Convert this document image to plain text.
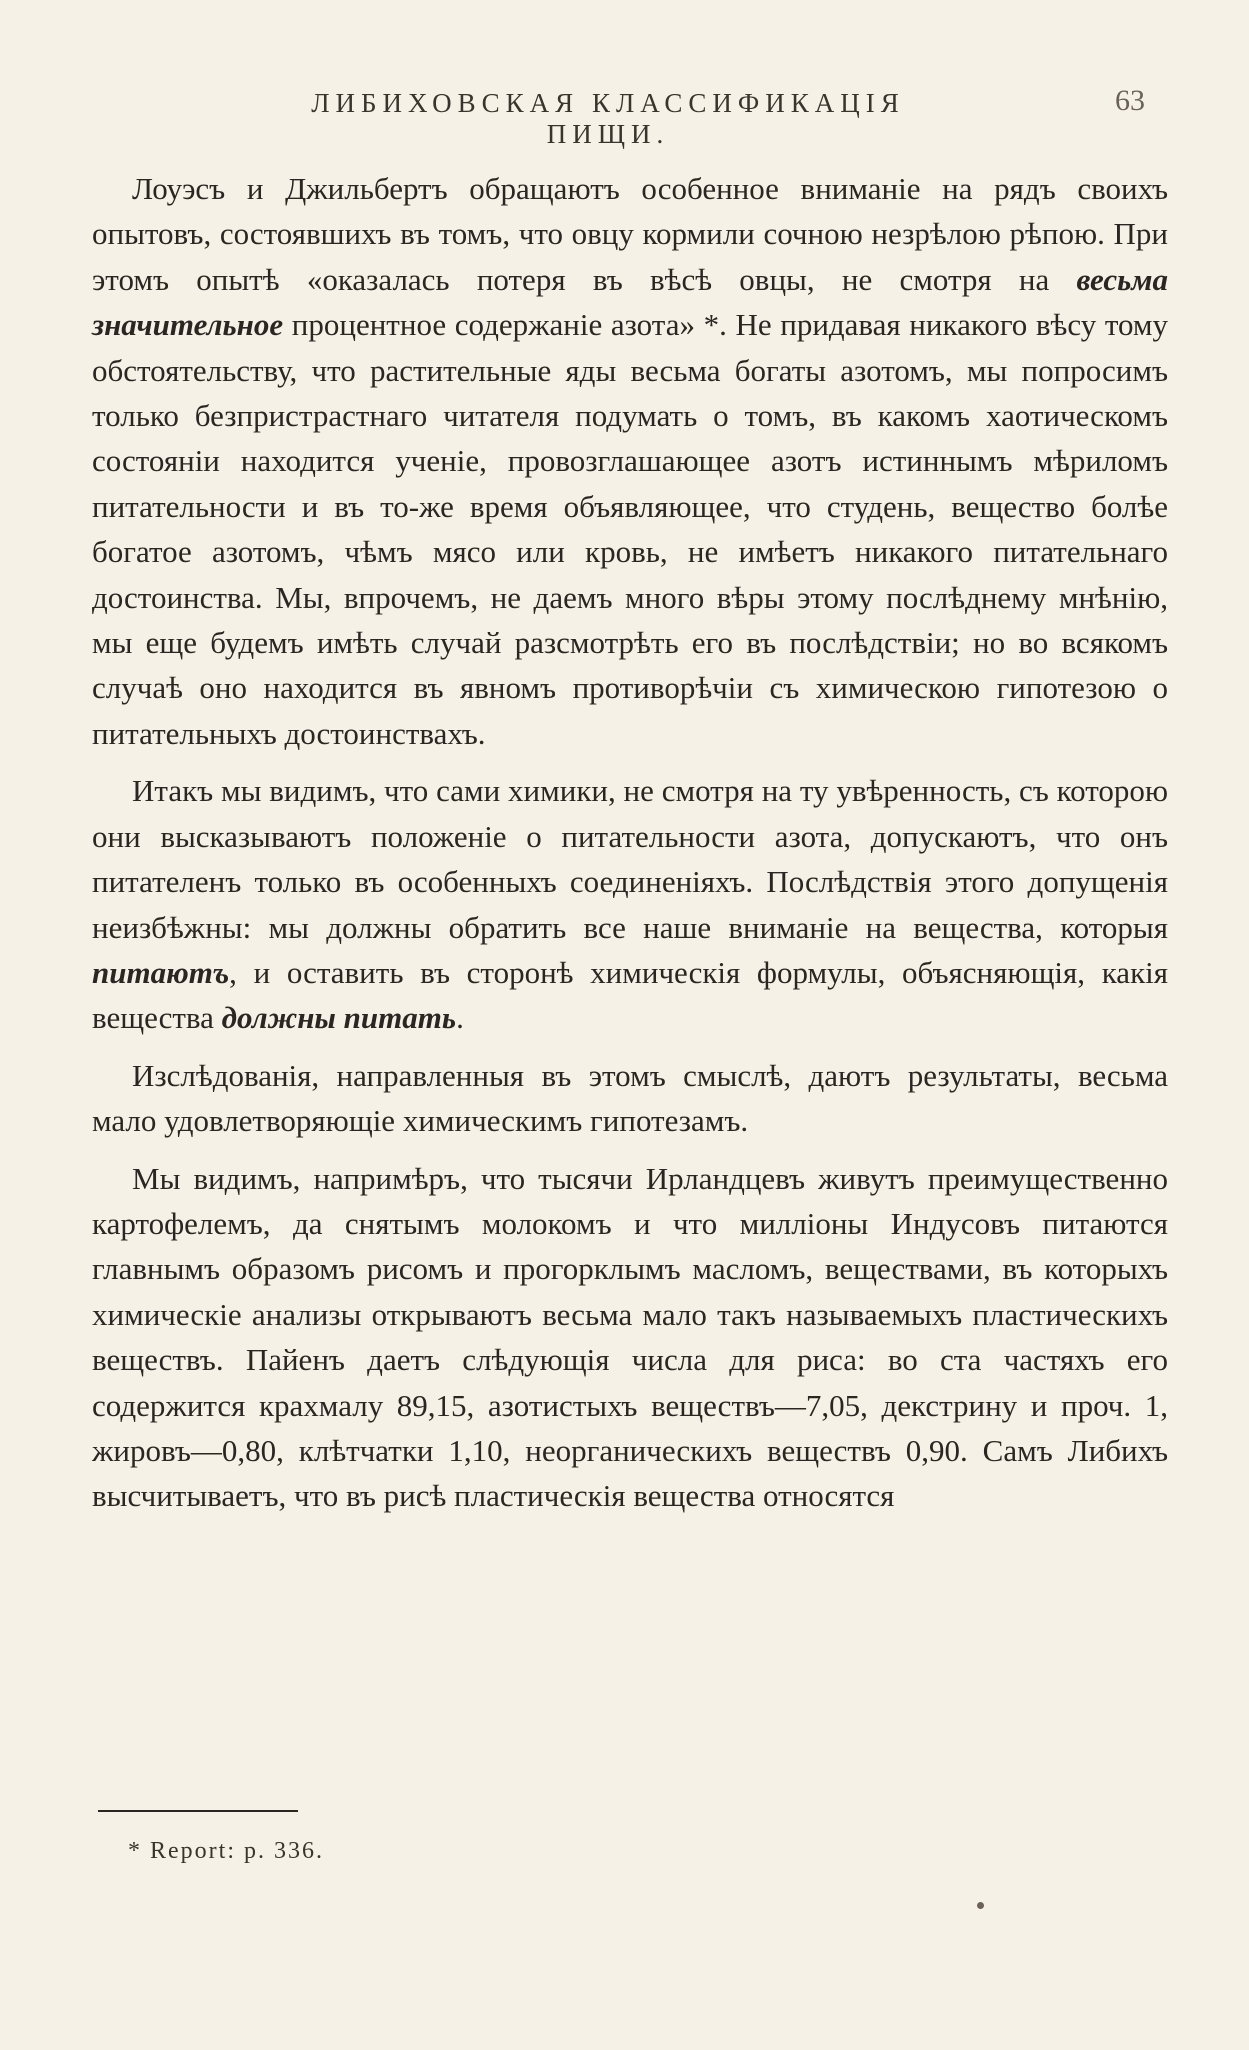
ЛИБИХОВСКАЯ КЛАССИФИКАЦІЯ ПИЩИ.
63

Лоуэсъ и Джильбертъ обращаютъ особенное вниманіе на рядъ своихъ опытовъ, состоявшихъ въ томъ, что овцу кормили сочною незрѣлою рѣпою. При этомъ опытѣ «оказалась потеря въ вѣсѣ овцы, не смотря на весьма значительное процентное содержаніе азота» *. Не придавая никакого вѣсу тому обстоятельству, что растительные яды весьма богаты азотомъ, мы попросимъ только безпристрастнаго читателя подумать о томъ, въ какомъ хаотическомъ состояніи находится ученіе, провозглашающее азотъ истиннымъ мѣриломъ питательности и въ то-же время объявляющее, что студень, вещество болѣе богатое азотомъ, чѣмъ мясо или кровь, не имѣетъ никакого питательнаго достоинства. Мы, впрочемъ, не даемъ много вѣры этому послѣднему мнѣнію, мы еще будемъ имѣть случай разсмотрѣть его въ послѣдствіи; но во всякомъ случаѣ оно находится въ явномъ противорѣчіи съ химическою гипотезою о питательныхъ достоинствахъ.

Итакъ мы видимъ, что сами химики, не смотря на ту увѣренность, съ которою они высказываютъ положеніе о питательности азота, допускаютъ, что онъ питателенъ только въ особенныхъ соединеніяхъ. Послѣдствія этого допущенія неизбѣжны: мы должны обратить все наше вниманіе на вещества, которыя питаютъ, и оставить въ сторонѣ химическія формулы, объясняющія, какія вещества должны питать.

Изслѣдованія, направленныя въ этомъ смыслѣ, даютъ результаты, весьма мало удовлетворяющіе химическимъ гипотезамъ.

Мы видимъ, напримѣръ, что тысячи Ирландцевъ живутъ преимущественно картофелемъ, да снятымъ молокомъ и что милліоны Индусовъ питаются главнымъ образомъ рисомъ и прогорклымъ масломъ, веществами, въ которыхъ химическіе анализы открываютъ весьма мало такъ называемыхъ пластическихъ веществъ. Пайенъ даетъ слѣдующія числа для риса: во ста частяхъ его содержится крахмалу 89,15, азотистыхъ веществъ—7,05, декстрину и проч. 1, жировъ—0,80, клѣтчатки 1,10, неорганическихъ веществъ 0,90. Самъ Либихъ высчитываетъ, что въ рисѣ пластическія вещества относятся

* Report: p. 336.
